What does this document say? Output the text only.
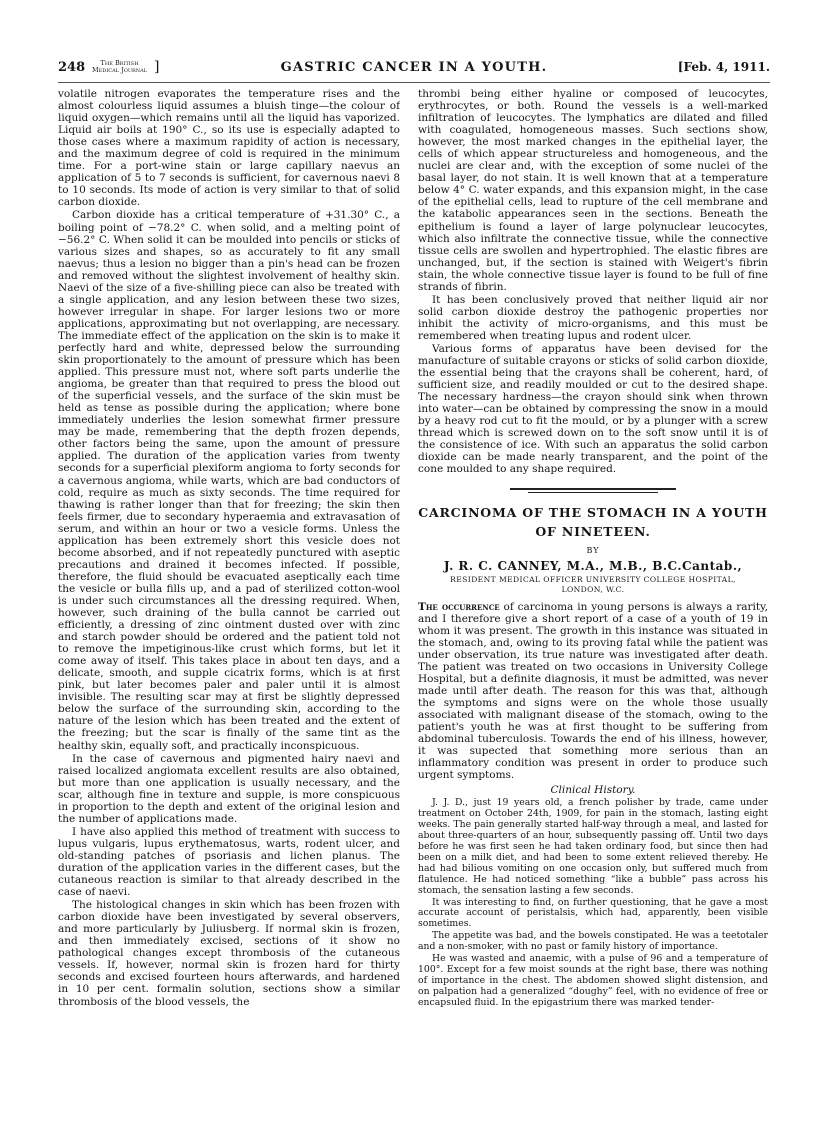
248	The British
Medical Journal ]	GASTRIC CANCER IN A YOUTH.	[Feb. 4, 1911.

volatile nitrogen evaporates the temperature rises and the almost colourless liquid assumes a bluish tinge—the colour of liquid oxygen—which remains until all the liquid has vaporized. Liquid air boils at 190° C., so its use is especially adapted to those cases where a maximum rapidity of action is necessary, and the maximum degree of cold is required in the minimum time. For a port-wine stain or large capillary naevus an application of 5 to 7 seconds is sufficient, for cavernous naevi 8 to 10 seconds. Its mode of action is very similar to that of solid carbon dioxide.

Carbon dioxide has a critical temperature of +31.30° C., a boiling point of −78.2° C. when solid, and a melting point of −56.2° C. When solid it can be moulded into pencils or sticks of various sizes and shapes, so as accurately to fit any small naevus; thus a lesion no bigger than a pin's head can be frozen and removed without the slightest involvement of healthy skin. Naevi of the size of a five-shilling piece can also be treated with a single application, and any lesion between these two sizes, however irregular in shape. For larger lesions two or more applications, approximating but not overlapping, are necessary. The immediate effect of the application on the skin is to make it perfectly hard and white, depressed below the surrounding skin proportionately to the amount of pressure which has been applied. This pressure must not, where soft parts underlie the angioma, be greater than that required to press the blood out of the superficial vessels, and the surface of the skin must be held as tense as possible during the application; where bone immediately underlies the lesion somewhat firmer pressure may be made, remembering that the depth frozen depends, other factors being the same, upon the amount of pressure applied. The duration of the application varies from twenty seconds for a superficial plexiform angioma to forty seconds for a cavernous angioma, while warts, which are bad conductors of cold, require as much as sixty seconds. The time required for thawing is rather longer than that for freezing; the skin then feels firmer, due to secondary hyperaemia and extravasation of serum, and within an hour or two a vesicle forms. Unless the application has been extremely short this vesicle does not become absorbed, and if not repeatedly punctured with aseptic precautions and drained it becomes infected. If possible, therefore, the fluid should be evacuated aseptically each time the vesicle or bulla fills up, and a pad of sterilized cotton-wool is under such circumstances all the dressing required. When, however, such draining of the bulla cannot be carried out efficiently, a dressing of zinc ointment dusted over with zinc and starch powder should be ordered and the patient told not to remove the impetiginous-like crust which forms, but let it come away of itself. This takes place in about ten days, and a delicate, smooth, and supple cicatrix forms, which is at first pink, but later becomes paler and paler until it is almost invisible. The resulting scar may at first be slightly depressed below the surface of the surrounding skin, according to the nature of the lesion which has been treated and the extent of the freezing; but the scar is finally of the same tint as the healthy skin, equally soft, and practically inconspicuous.

In the case of cavernous and pigmented hairy naevi and raised localized angiomata excellent results are also obtained, but more than one application is usually necessary, and the scar, although fine in texture and supple, is more conspicuous in proportion to the depth and extent of the original lesion and the number of applications made.

I have also applied this method of treatment with success to lupus vulgaris, lupus erythematosus, warts, rodent ulcer, and old-standing patches of psoriasis and lichen planus. The duration of the application varies in the different cases, but the cutaneous reaction is similar to that already described in the case of naevi.

The histological changes in skin which has been frozen with carbon dioxide have been investigated by several observers, and more particularly by Juliusberg. If normal skin is frozen, and then immediately excised, sections of it show no pathological changes except thrombosis of the cutaneous vessels. If, however, normal skin is frozen hard for thirty seconds and excised fourteen hours afterwards, and hardened in 10 per cent. formalin solution, sections show a similar thrombosis of the blood vessels, the

thrombi being either hyaline or composed of leucocytes, erythrocytes, or both. Round the vessels is a well-marked infiltration of leucocytes. The lymphatics are dilated and filled with coagulated, homogeneous masses. Such sections show, however, the most marked changes in the epithelial layer, the cells of which appear structureless and homogeneous, and the nuclei are clear and, with the exception of some nuclei of the basal layer, do not stain. It is well known that at a temperature below 4° C. water expands, and this expansion might, in the case of the epithelial cells, lead to rupture of the cell membrane and the katabolic appearances seen in the sections. Beneath the epithelium is found a layer of large polynuclear leucocytes, which also infiltrate the connective tissue, while the connective tissue cells are swollen and hypertrophied. The elastic fibres are unchanged, but, if the section is stained with Weigert's fibrin stain, the whole connective tissue layer is found to be full of fine strands of fibrin.

It has been conclusively proved that neither liquid air nor solid carbon dioxide destroy the pathogenic properties nor inhibit the activity of micro-organisms, and this must be remembered when treating lupus and rodent ulcer.

Various forms of apparatus have been devised for the manufacture of suitable crayons or sticks of solid carbon dioxide, the essential being that the crayons shall be coherent, hard, of sufficient size, and readily moulded or cut to the desired shape. The necessary hardness—the crayon should sink when thrown into water—can be obtained by compressing the snow in a mould by a heavy rod cut to fit the mould, or by a plunger with a screw thread which is screwed down on to the soft snow until it is of the consistence of ice. With such an apparatus the solid carbon dioxide can be made nearly transparent, and the point of the cone moulded to any shape required.

CARCINOMA OF THE STOMACH IN A YOUTH
OF NINETEEN.
BY
J. R. C. CANNEY, M.A., M.B., B.C.Cantab.,
RESIDENT MEDICAL OFFICER UNIVERSITY COLLEGE HOSPITAL,
LONDON, W.C.

The occurrence of carcinoma in young persons is always a rarity, and I therefore give a short report of a case of a youth of 19 in whom it was present. The growth in this instance was situated in the stomach, and, owing to its proving fatal while the patient was under observation, its true nature was investigated after death. The patient was treated on two occasions in University College Hospital, but a definite diagnosis, it must be admitted, was never made until after death. The reason for this was that, although the symptoms and signs were on the whole those usually associated with malignant disease of the stomach, owing to the patient's youth he was at first thought to be suffering from abdominal tuberculosis. Towards the end of his illness, however, it was supected that something more serious than an inflammatory condition was present in order to produce such urgent symptoms.

Clinical History.

J. J. D., just 19 years old, a french polisher by trade, came under treatment on October 24th, 1909, for pain in the stomach, lasting eight weeks. The pain generally started half-way through a meal, and lasted for about three-quarters of an hour, subsequently passing off. Until two days before he was first seen he had taken ordinary food, but since then had been on a milk diet, and had been to some extent relieved thereby. He had had bilious vomiting on one occasion only, but suffered much from flatulence. He had noticed something “like a bubble” pass across his stomach, the sensation lasting a few seconds.

It was interesting to find, on further questioning, that he gave a most accurate account of peristalsis, which had, apparently, been visible sometimes.

The appetite was bad, and the bowels constipated. He was a teetotaler and a non-smoker, with no past or family history of importance.

He was wasted and anaemic, with a pulse of 96 and a temperature of 100°. Except for a few moist sounds at the right base, there was nothing of importance in the chest. The abdomen showed slight distension, and on palpation had a generalized “doughy” feel, with no evidence of free or encapsuled fluid. In the epigastrium there was marked tender-
